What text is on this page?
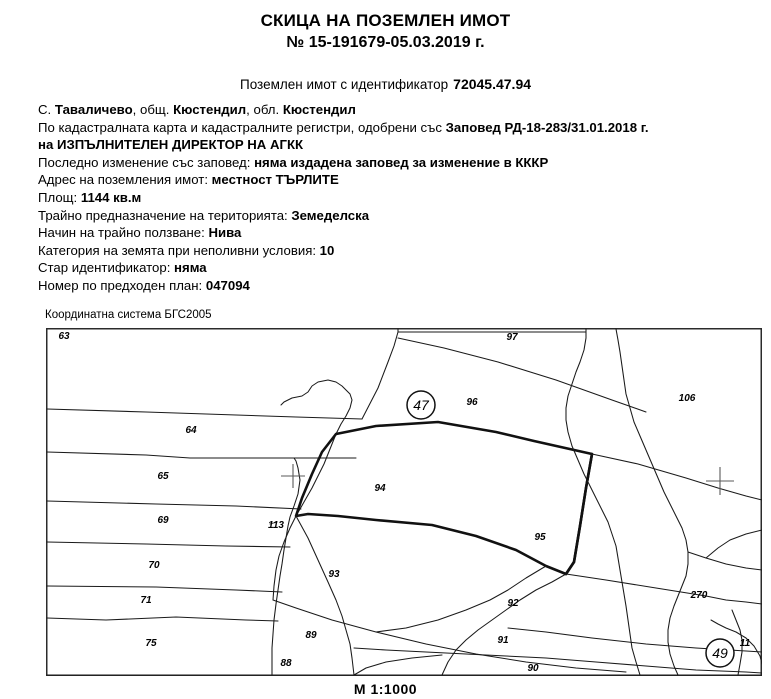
СКИЦА НА ПОЗЕМЛЕН ИМОТ
№ 15-191679-05.03.2019 г.
Поземлен имот с идентификатор 72045.47.94
С. Таваличево, общ. Кюстендил, обл. Кюстендил
По кадастралната карта и кадастралните регистри, одобрени със Заповед РД-18-283/31.01.2018 г.
на ИЗПЪЛНИТЕЛЕН ДИРЕКТОР НА АГКК
Последно изменение със заповед: няма издадена заповед за изменение в КККР
Адрес на поземления имот: местност ТЪРЛИТЕ
Площ: 1144 кв.м
Трайно предназначение на територията: Земеделска
Начин на трайно ползване: Нива
Категория на земята при неполивни условия: 10
Стар идентификатор: няма
Номер по предходен план: 047094
Координатна система БГС2005
47
49
63
64
65
69
70
71
75
88
89
90
91
92
93
94
95
96
97
106
113
270
11
M 1:1000
